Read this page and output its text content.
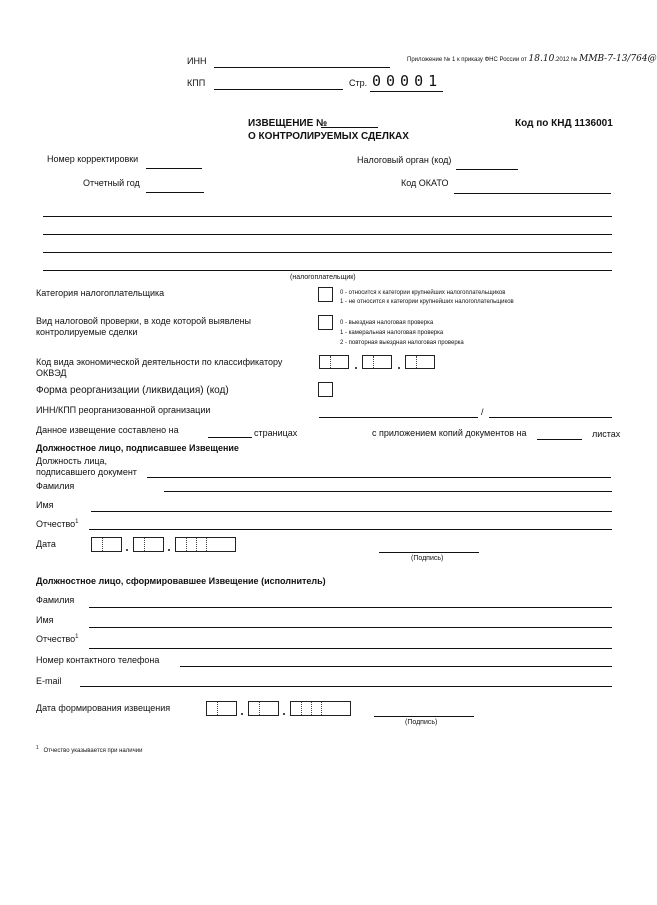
ИНН
КПП	Стр. 00001
Приложение № 1 к приказу ФНС России от 18.10.2012 № ММВ-7-13/764@
ИЗВЕЩЕНИЕ №
О КОНТРОЛИРУЕМЫХ СДЕЛКАХ
Код по КНД 1136001
Номер корректировки	Налоговый орган (код)
Отчетный год	Код ОКАТО
(налогоплательщик)
Категория налогоплательщика	0 - относится к категории крупнейших налогоплательщиков
1 - не относится к категории крупнейших налогоплательщиков
Вид налоговой проверки, в ходе которой выявлены
контролируемые сделки
0 - выездная налоговая проверка
1 - камеральная налоговая проверка
2 - повторная выездная налоговая проверка
Код вида экономической деятельности по классификатору
ОКВЭД
Форма реорганизации (ликвидация) (код)
ИНН/КПП реорганизованной организации	/
Данное извещение составлено на	страницах	с приложением копий документов на	листах
Должностное лицо, подписавшее Извещение
Должность лица,
подписавшего документ
Фамилия
Имя
Отчество$^1$
Дата
(Подпись)
Должностное лицо, сформировавшее Извещение (исполнитель)
Фамилия
Имя
Отчество$^1$
Номер контактного телефона
E-mail
Дата формирования извещения
(Подпись)
$^1$ Отчество указывается при наличии
